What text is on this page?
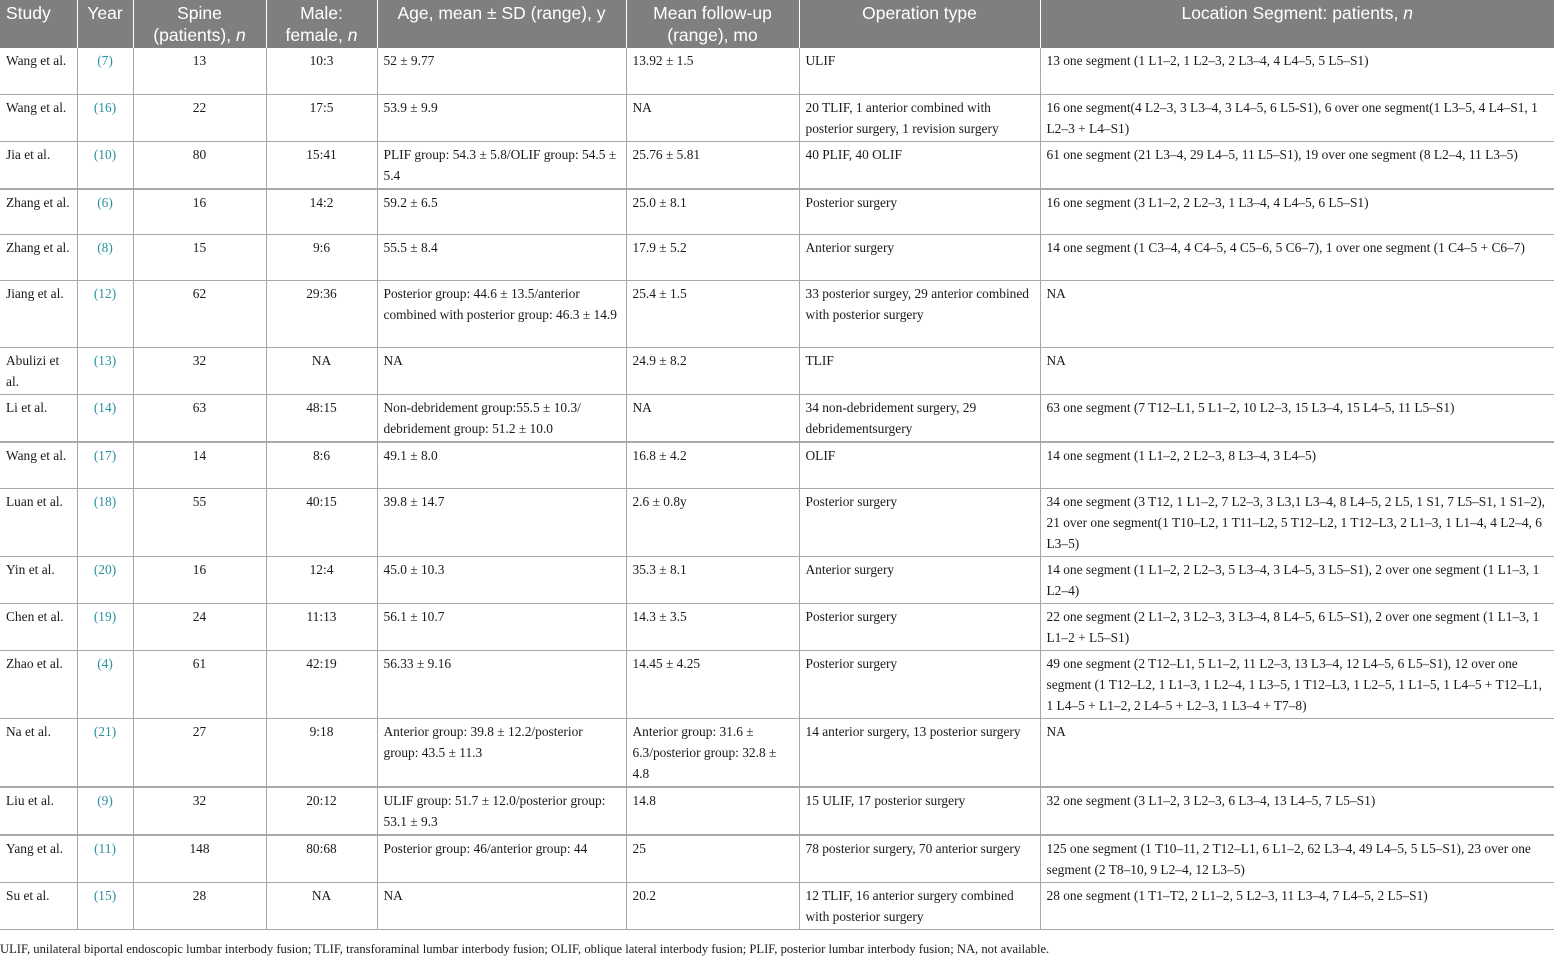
Study	Year	Spine (patients), n	Male: female, n	Age, mean ± SD (range), y	Mean follow-up (range), mo	Operation type	Location Segment: patients, n
Wang et al.	(7)	13	10:3	52 ± 9.77	13.92 ± 1.5	ULIF	13 one segment (1 L1–2, 1 L2–3, 2 L3–4, 4 L4–5, 5 L5–S1)
Wang et al.	(16)	22	17:5	53.9 ± 9.9	NA	20 TLIF, 1 anterior combined with posterior surgery, 1 revision surgery	16 one segment(4 L2–3, 3 L3–4, 3 L4–5, 6 L5-S1), 6 over one segment(1 L3–5, 4 L4–S1, 1 L2–3 + L4–S1)
Jia et al.	(10)	80	15:41	PLIF group: 54.3 ± 5.8/OLIF group: 54.5 ± 5.4	25.76 ± 5.81	40 PLIF, 40 OLIF	61 one segment (21 L3–4, 29 L4–5, 11 L5–S1), 19 over one segment (8 L2–4, 11 L3–5)
Zhang et al.	(6)	16	14:2	59.2 ± 6.5	25.0 ± 8.1	Posterior surgery	16 one segment (3 L1–2, 2 L2–3, 1 L3–4, 4 L4–5, 6 L5–S1)
Zhang et al.	(8)	15	9:6	55.5 ± 8.4	17.9 ± 5.2	Anterior surgery	14 one segment (1 C3–4, 4 C4–5, 4 C5–6, 5 C6–7), 1 over one segment (1 C4–5 + C6–7)
Jiang et al.	(12)	62	29:36	Posterior group: 44.6 ± 13.5/anterior combined with posterior group: 46.3 ± 14.9	25.4 ± 1.5	33 posterior surgey, 29 anterior combined with posterior surgery	NA
Abulizi et al.	(13)	32	NA	NA	24.9 ± 8.2	TLIF	NA
Li et al.	(14)	63	48:15	Non-debridement group:55.5 ± 10.3/ debridement group: 51.2 ± 10.0	NA	34 non-debridement surgery, 29 debridementsurgery	63 one segment (7 T12–L1, 5 L1–2, 10 L2–3, 15 L3–4, 15 L4–5, 11 L5–S1)
Wang et al.	(17)	14	8:6	49.1 ± 8.0	16.8 ± 4.2	OLIF	14 one segment (1 L1–2, 2 L2–3, 8 L3–4, 3 L4–5)
Luan et al.	(18)	55	40:15	39.8 ± 14.7	2.6 ± 0.8y	Posterior surgery	34 one segment (3 T12, 1 L1–2, 7 L2–3, 3 L3,1 L3–4, 8 L4–5, 2 L5, 1 S1, 7 L5–S1, 1 S1–2), 21 over one segment(1 T10–L2, 1 T11–L2, 5 T12–L2, 1 T12–L3, 2 L1–3, 1 L1–4, 4 L2–4, 6 L3–5)
Yin et al.	(20)	16	12:4	45.0 ± 10.3	35.3 ± 8.1	Anterior surgery	14 one segment (1 L1–2, 2 L2–3, 5 L3–4, 3 L4–5, 3 L5–S1), 2 over one segment (1 L1–3, 1 L2–4)
Chen et al.	(19)	24	11:13	56.1 ± 10.7	14.3 ± 3.5	Posterior surgery	22 one segment (2 L1–2, 3 L2–3, 3 L3–4, 8 L4–5, 6 L5–S1), 2 over one segment (1 L1–3, 1 L1–2 + L5–S1)
Zhao et al.	(4)	61	42:19	56.33 ± 9.16	14.45 ± 4.25	Posterior surgery	49 one segment (2 T12–L1, 5 L1–2, 11 L2–3, 13 L3–4, 12 L4–5, 6 L5–S1), 12 over one segment (1 T12–L2, 1 L1–3, 1 L2–4, 1 L3–5, 1 T12–L3, 1 L2–5, 1 L1–5, 1 L4–5 + T12–L1, 1 L4–5 + L1–2, 2 L4–5 + L2–3, 1 L3–4 + T7–8)
Na et al.	(21)	27	9:18	Anterior group: 39.8 ± 12.2/posterior group: 43.5 ± 11.3	Anterior group: 31.6 ± 6.3/posterior group: 32.8 ± 4.8	14 anterior surgery, 13 posterior surgery	NA
Liu et al.	(9)	32	20:12	ULIF group: 51.7 ± 12.0/posterior group: 53.1 ± 9.3	14.8	15 ULIF, 17 posterior surgery	32 one segment (3 L1–2, 3 L2–3, 6 L3–4, 13 L4–5, 7 L5–S1)
Yang et al.	(11)	148	80:68	Posterior group: 46/anterior group: 44	25	78 posterior surgery, 70 anterior surgery	125 one segment (1 T10–11, 2 T12–L1, 6 L1–2, 62 L3–4, 49 L4–5, 5 L5–S1), 23 over one segment (2 T8–10, 9 L2–4, 12 L3–5)
Su et al.	(15)	28	NA	NA	20.2	12 TLIF, 16 anterior surgery combined with posterior surgery	28 one segment (1 T1–T2, 2 L1–2, 5 L2–3, 11 L3–4, 7 L4–5, 2 L5–S1)
ULIF, unilateral biportal endoscopic lumbar interbody fusion; TLIF, transforaminal lumbar interbody fusion; OLIF, oblique lateral interbody fusion; PLIF, posterior lumbar interbody fusion; NA, not available.
